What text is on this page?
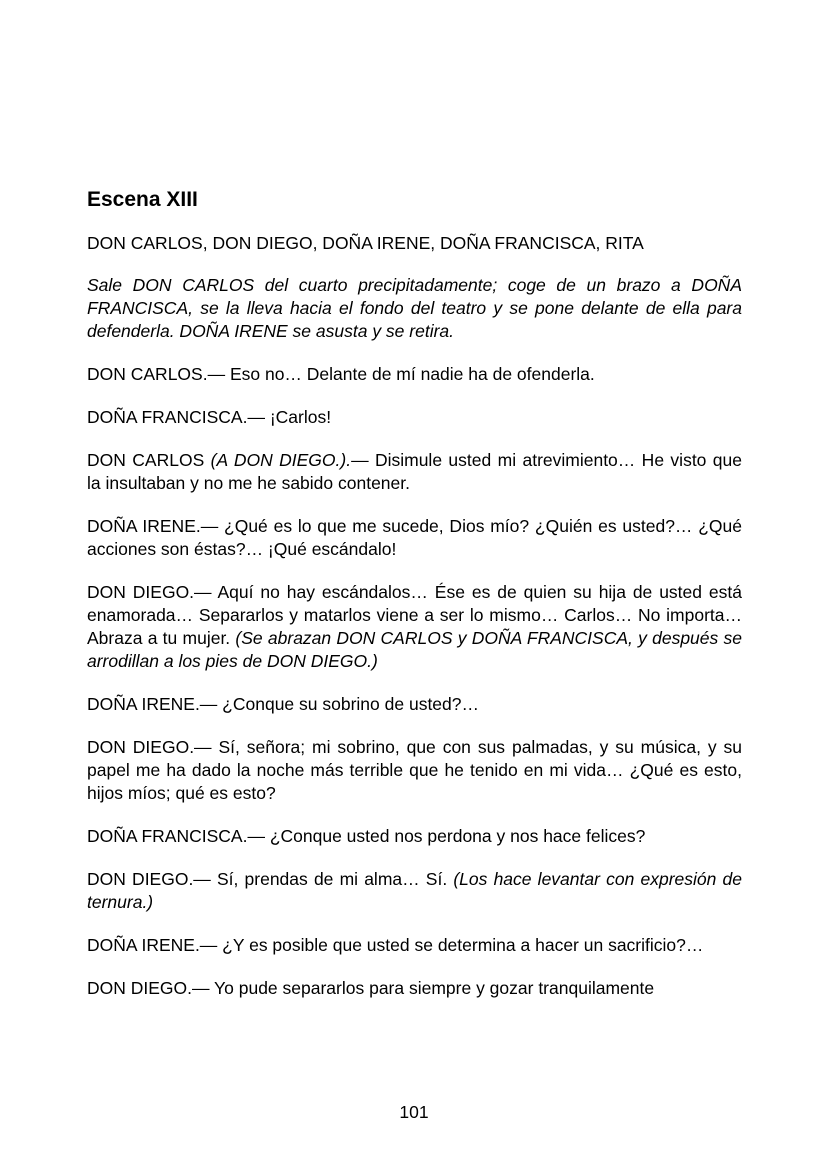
Escena XIII

DON CARLOS, DON DIEGO, DOÑA IRENE, DOÑA FRANCISCA, RITA

Sale DON CARLOS del cuarto precipitadamente; coge de un brazo a DOÑA FRANCISCA, se la lleva hacia el fondo del teatro y se pone delante de ella para defenderla. DOÑA IRENE se asusta y se retira.

DON CARLOS.— Eso no… Delante de mí nadie ha de ofenderla.

DOÑA FRANCISCA.— ¡Carlos!

DON CARLOS (A DON DIEGO.).— Disimule usted mi atrevimiento… He visto que la insultaban y no me he sabido contener.

DOÑA IRENE.— ¿Qué es lo que me sucede, Dios mío? ¿Quién es usted?… ¿Qué acciones son éstas?… ¡Qué escándalo!

DON DIEGO.— Aquí no hay escándalos… Ése es de quien su hija de usted está enamorada… Separarlos y matarlos viene a ser lo mismo… Carlos… No importa… Abraza a tu mujer. (Se abrazan DON CARLOS y DOÑA FRANCISCA, y después se arrodillan a los pies de DON DIEGO.)

DOÑA IRENE.— ¿Conque su sobrino de usted?…

DON DIEGO.— Sí, señora; mi sobrino, que con sus palmadas, y su música, y su papel me ha dado la noche más terrible que he tenido en mi vida… ¿Qué es esto, hijos míos; qué es esto?

DOÑA FRANCISCA.— ¿Conque usted nos perdona y nos hace felices?

DON DIEGO.— Sí, prendas de mi alma… Sí. (Los hace levantar con expresión de ternura.)

DOÑA IRENE.— ¿Y es posible que usted se determina a hacer un sacrificio?…

DON DIEGO.— Yo pude separarlos para siempre y gozar tranquilamente

101
